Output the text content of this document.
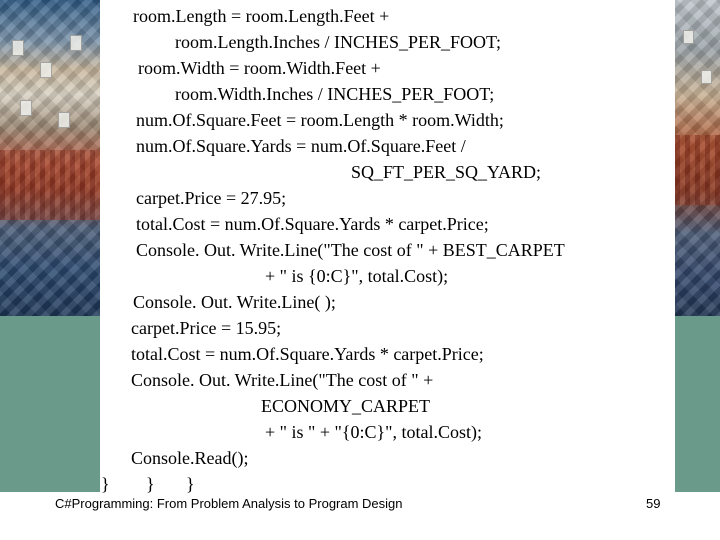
room.Length = room.Length.Feet +
room.Length.Inches / INCHES_PER_FOOT;
room.Width = room.Width.Feet +
room.Width.Inches / INCHES_PER_FOOT;
num.Of.Square.Feet = room.Length * room.Width;
num.Of.Square.Yards = num.Of.Square.Feet /
SQ_FT_PER_SQ_YARD;
carpet.Price = 27.95;
total.Cost = num.Of.Square.Yards * carpet.Price;
Console. Out. Write.Line("The cost of " + BEST_CARPET
+ " is {0:C}", total.Cost);
Console. Out. Write.Line( );
carpet.Price = 15.95;
total.Cost = num.Of.Square.Yards * carpet.Price;
Console. Out. Write.Line("The cost of " +
ECONOMY_CARPET
+ " is " + "{0:C}", total.Cost);
Console.Read();
} } }
C#Programming: From Problem Analysis to Program Design	59
